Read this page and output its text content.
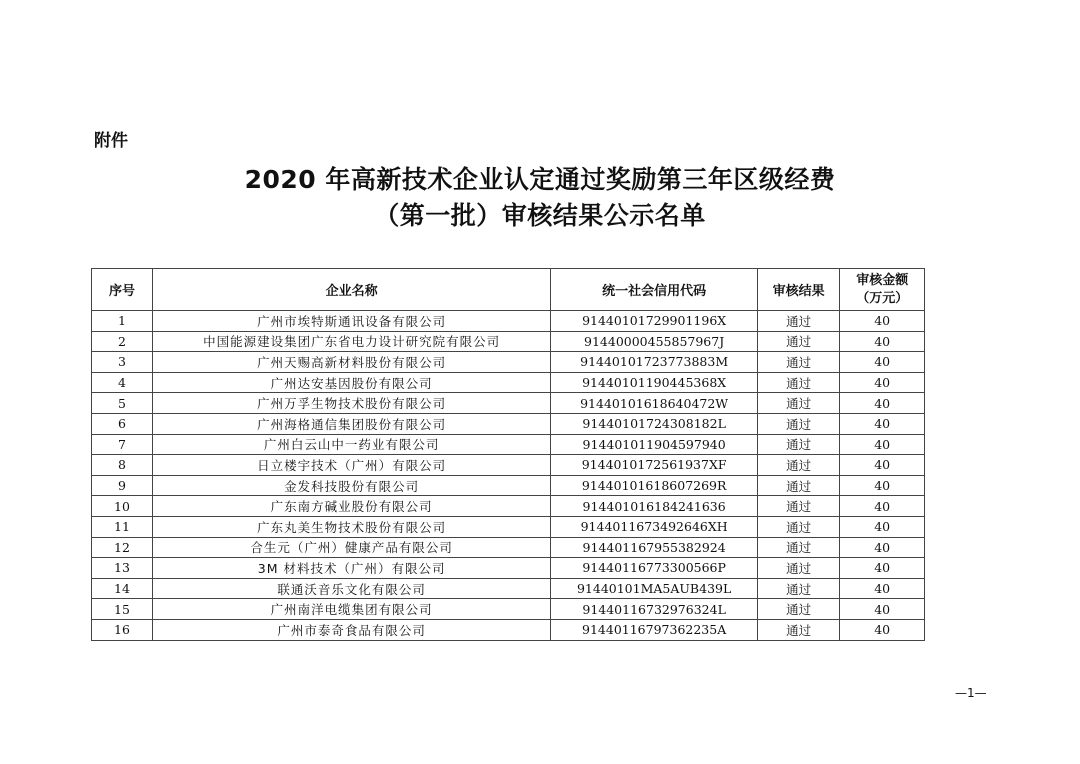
附件
2020 年高新技术企业认定通过奖励第三年区级经费
（第一批）审核结果公示名单
序号	企业名称	统一社会信用代码	审核结果	审核金额
（万元）

1	广州市埃特斯通讯设备有限公司	91440101729901196X	通过	40
2	中国能源建设集团广东省电力设计研究院有限公司	91440000455857967J	通过	40
3	广州天赐高新材料股份有限公司	91440101723773883M	通过	40
4	广州达安基因股份有限公司	91440101190445368X	通过	40
5	广州万孚生物技术股份有限公司	91440101618640472W	通过	40
6	广州海格通信集团股份有限公司	91440101724308182L	通过	40
7	广州白云山中一药业有限公司	914401011904597940	通过	40
8	日立楼宇技术（广州）有限公司	9144010172561937XF	通过	40
9	金发科技股份有限公司	91440101618607269R	通过	40
10	广东南方碱业股份有限公司	914401016184241636	通过	40
11	广东丸美生物技术股份有限公司	9144011673492646XH	通过	40
12	合生元（广州）健康产品有限公司	914401167955382924	通过	40
13	3M 材料技术（广州）有限公司	91440116773300566P	通过	40
14	联通沃音乐文化有限公司	91440101MA5AUB439L	通过	40
15	广州南洋电缆集团有限公司	91440116732976324L	通过	40
16	广州市泰奇食品有限公司	91440116797362235A	通过	40
—1—
